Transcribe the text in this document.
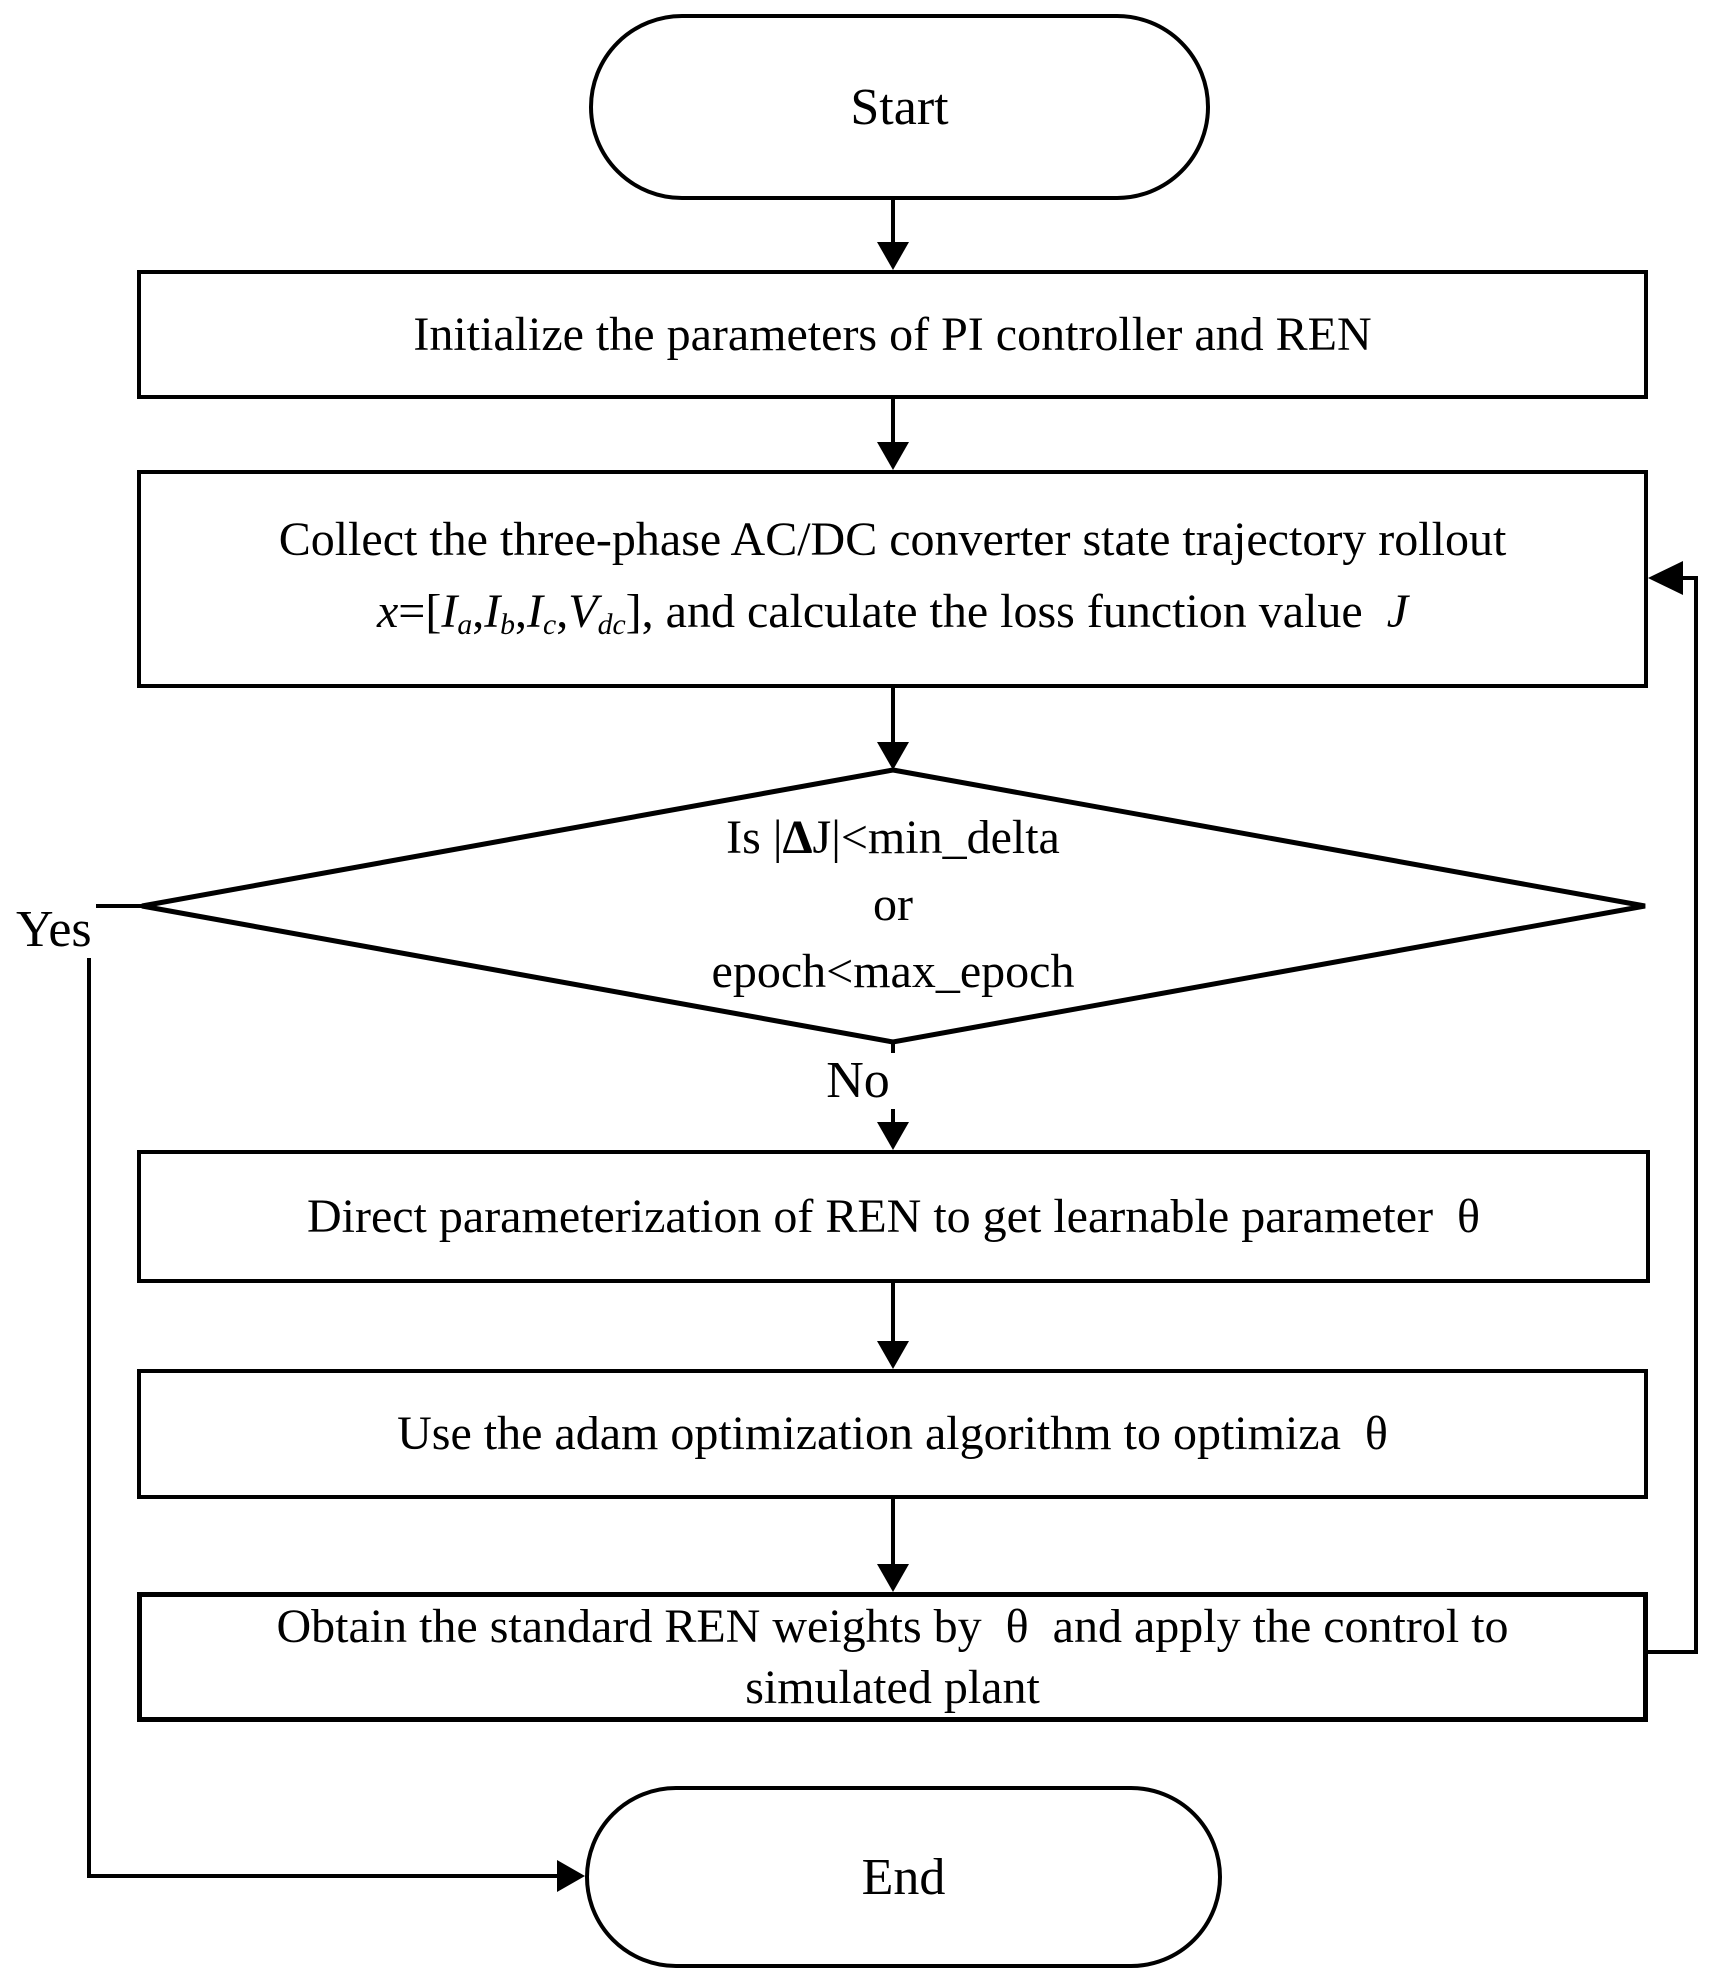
Start
Initialize the parameters of PI controller and REN
Collect the three-phase AC/DC converter state trajectory rollout
x=[Ia,Ib,Ic,Vdc], and calculate the loss function value  J
Is |ΔJ|<min_delta
or
epoch<max_epoch
Yes
No
Direct parameterization of REN to get learnable parameter  θ
Use the adam optimization algorithm to optimiza  θ
Obtain the standard REN weights by  θ  and apply the control to
simulated plant
End
